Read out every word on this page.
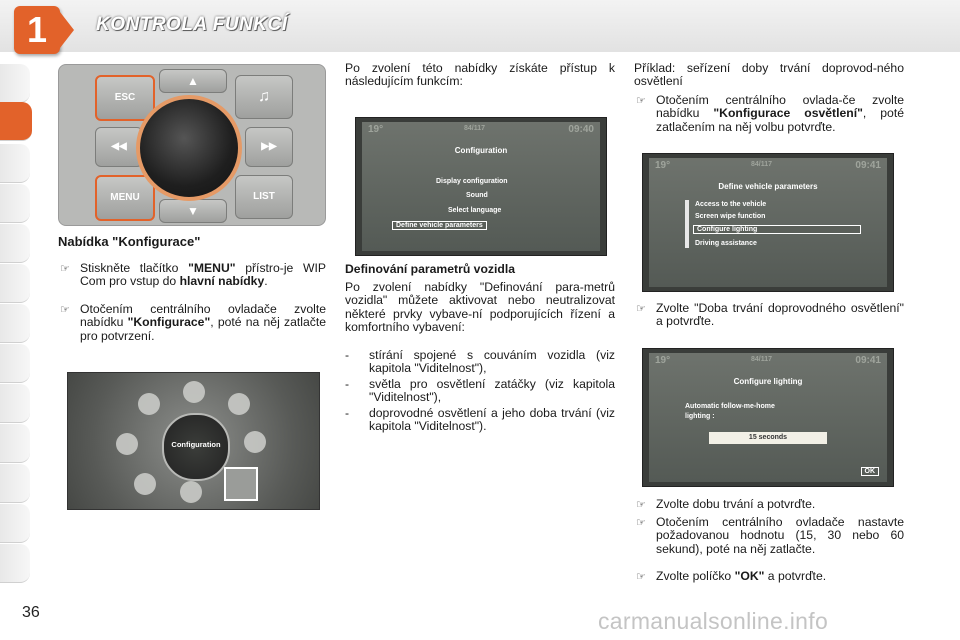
1	KONTROLA FUNKCÍ
ESC
▲
♫
◀◀	▶▶
MENU
▼
LIST
Nabídka "Konfigurace"
☞ Stiskněte tlačítko "MENU" přístro-je WIP Com pro vstup do hlavní nabídky.
☞ Otočením centrálního ovladače zvolte nabídku "Konfigurace", poté na něj zatlačte pro potvrzení.
Configuration
Po zvolení této nabídky získáte přístup k následujícím funkcím:
19°	84/117	09:40
Configuration
Display configuration
Sound
Select language
Define vehicle parameters
Definování parametrů vozidla
Po zvolení nabídky "Definování para-metrů vozidla" můžete aktivovat nebo neutralizovat některé prvky vybave-ní podporujících řízení a komfortního vybavení:
- stírání spojené s couváním vozidla (viz kapitola "Viditelnost"),
- světla pro osvětlení zatáčky (viz kapitola "Viditelnost"),
- doprovodné osvětlení a jeho doba trvání (viz kapitola "Viditelnost").
Příklad: seřízení doby trvání doprovod-ného osvětlení
☞ Otočením centrálního ovlada-če zvolte nabídku "Konfigurace osvětlení", poté zatlačením na něj volbu potvrďte.
19°	84/117	09:41
Define vehicle parameters
Access to the vehicle
Screen wipe function
Configure lighting
Driving assistance
☞ Zvolte "Doba trvání doprovodného osvětlení" a potvrďte.
19°	84/117	09:41
Configure lighting
Automatic follow-me-home
lighting :
15 seconds
OK
☞ Zvolte dobu trvání a potvrďte.
☞ Otočením centrálního ovladače nastavte požadovanou hodnotu (15, 30 nebo 60 sekund), poté na něj zatlačte.
☞ Zvolte políčko "OK" a potvrďte.
36	carmanualsonline.info
